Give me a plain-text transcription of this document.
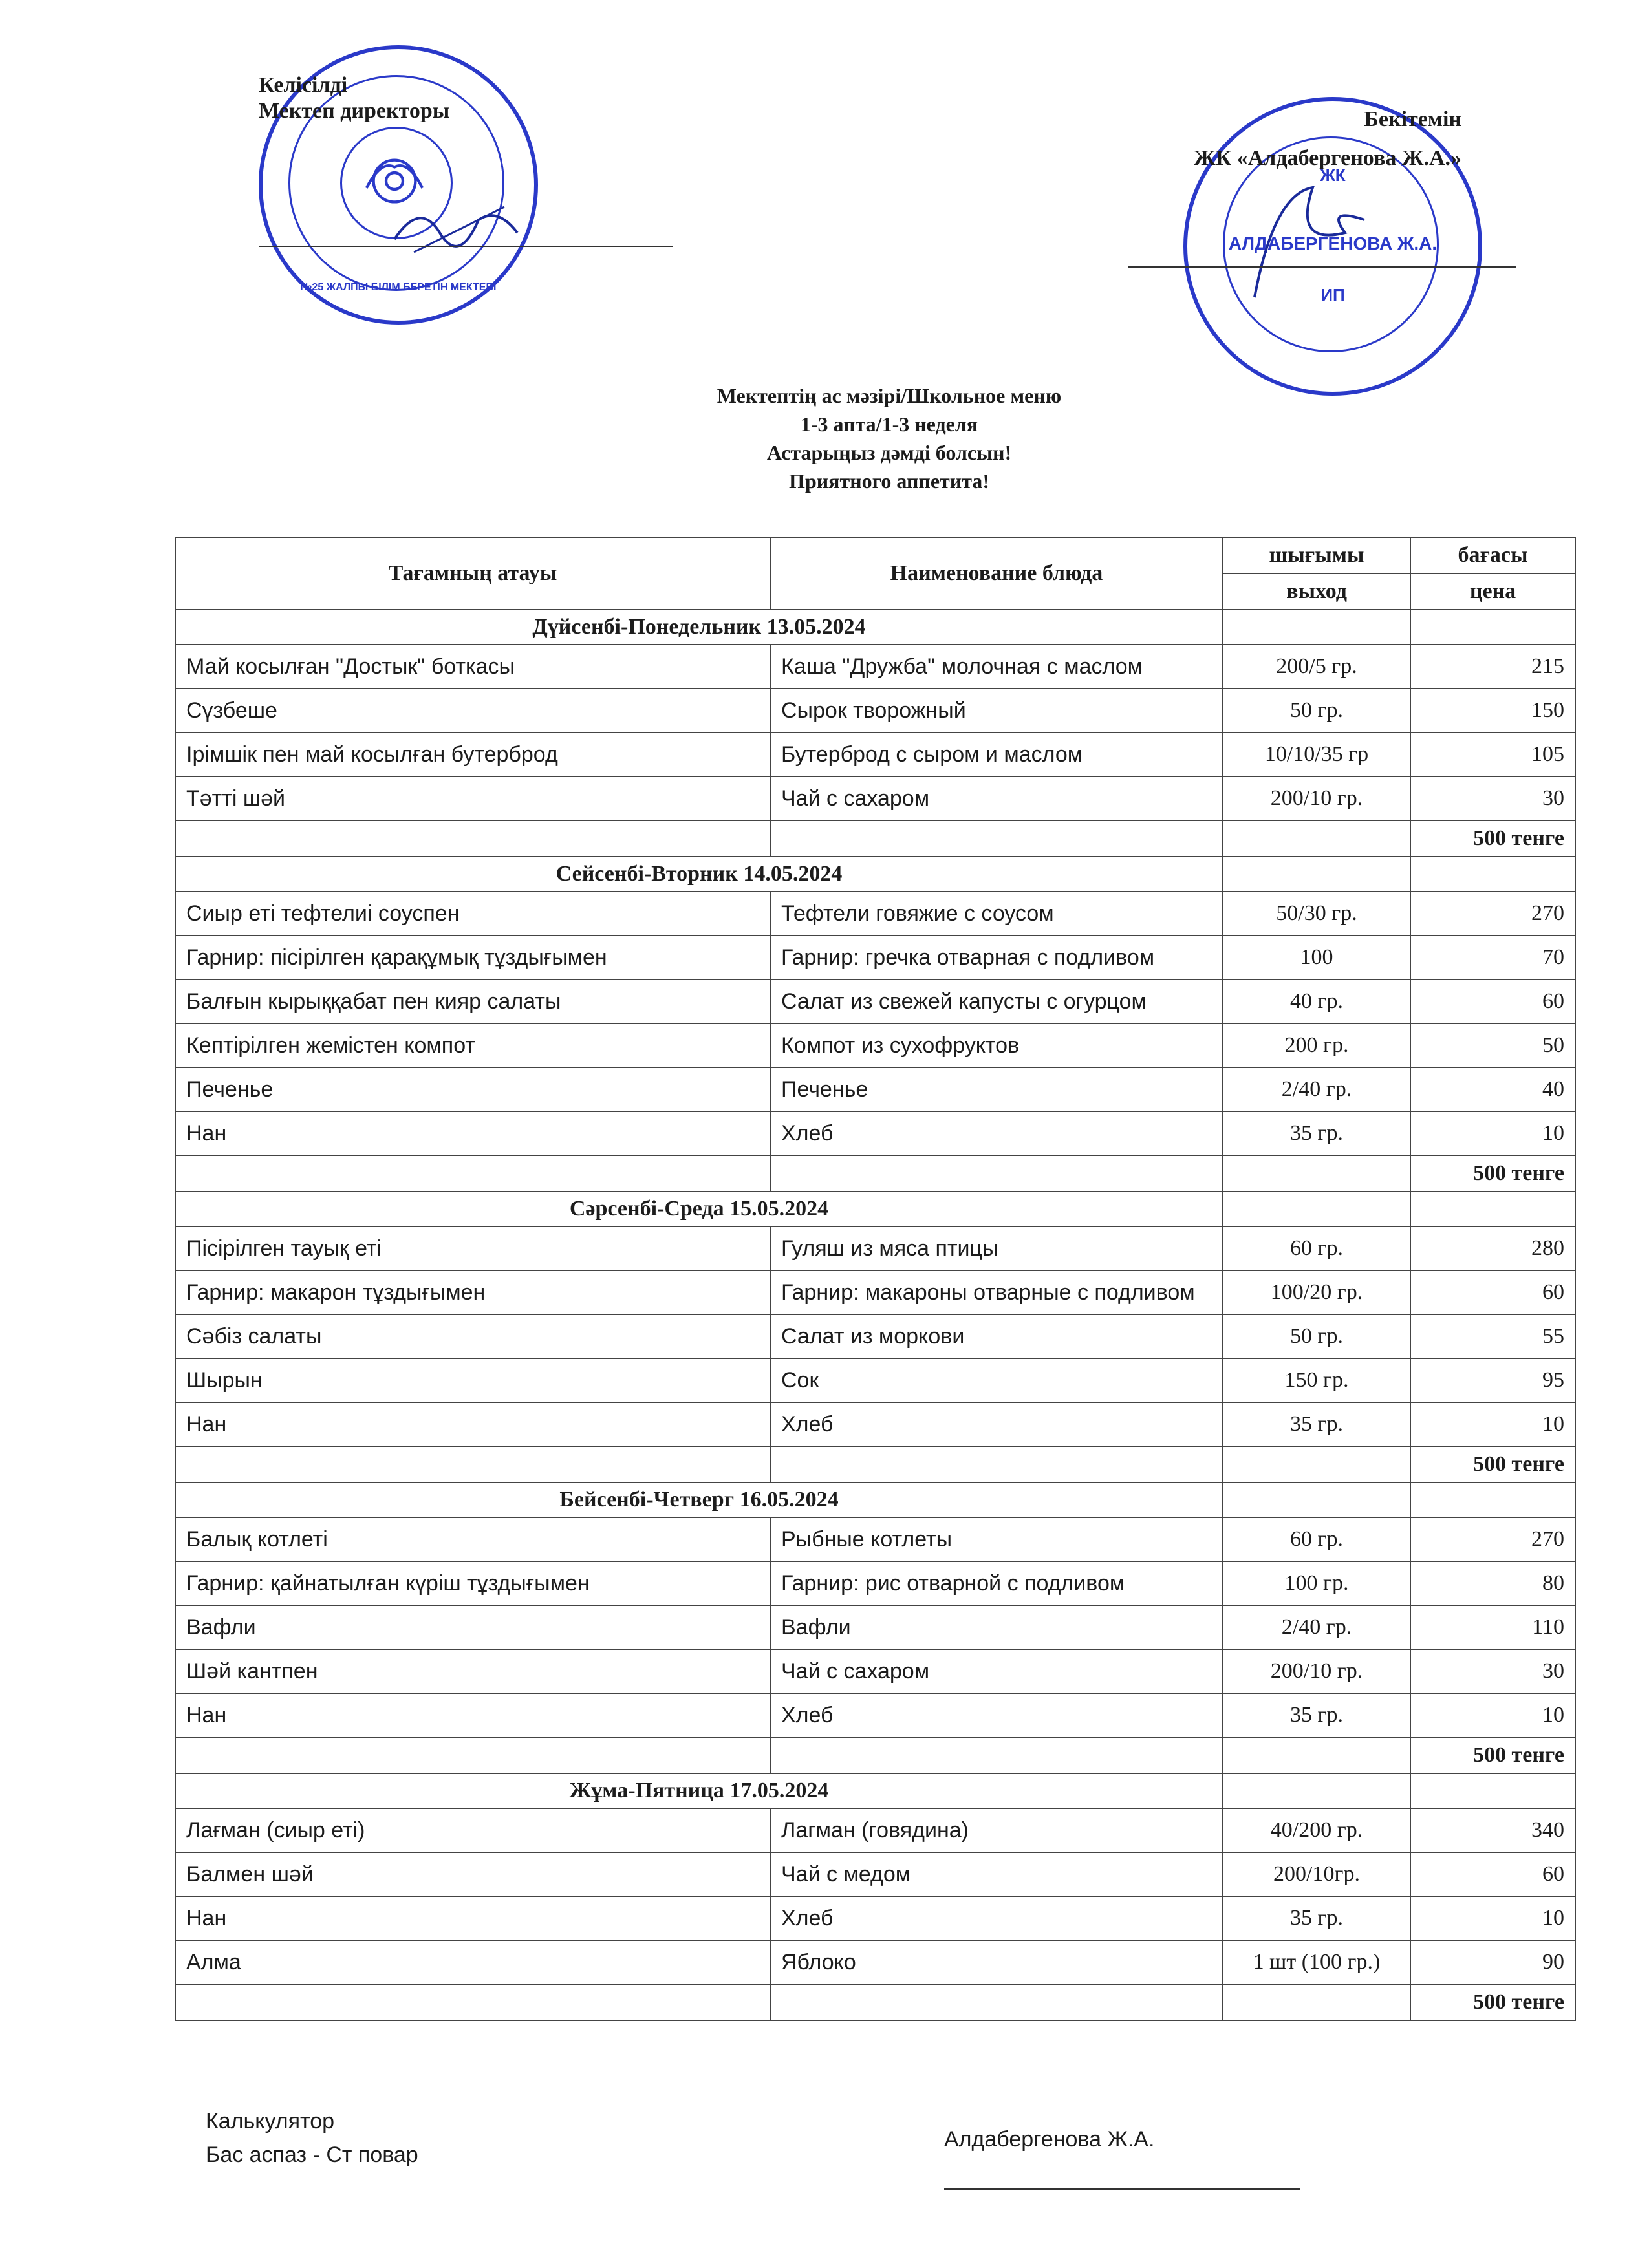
№25 ЖАЛПЫ БІЛІМ БЕРЕТІН МЕКТЕБІ
Келісілді
Мектеп директоры
ЖК
АЛДАБЕРГЕНОВА Ж.А.
ИП
Бекітемін
ЖК «Алдабергенова Ж.А.»
Мектептің ас мәзірі/Школьное меню
1-3 апта/1-3 неделя
Астарыңыз дәмді болсын!
Приятного аппетита!
Тағамның атауы	Наименование блюда	шығымы	бағасы
		выход	цена
Дүйсенбі-Понедельник 13.05.2024			
Май косылған "Достык" боткасы	Каша "Дружба" молочная с маслом	200/5 гр.	215
Сүзбеше	Сырок творожный	50 гр.	150
Ірімшік пен май косылған бутерброд	Бутерброд с сыром и маслом	10/10/35 гр	105
Тәтті шәй	Чай с сахаром	200/10 гр.	30
			500 тенге
Сейсенбі-Вторник 14.05.2024			
Сиыр еті тефтелиі соуспен	Тефтели говяжие с соусом	50/30 гр.	270
Гарнир: пісірілген қарақұмық тұздығымен	Гарнир: гречка отварная с подливом	100	70
Балғын кырыққабат пен кияр салаты	Салат из свежей капусты с огурцом	40 гр.	60
Кептірілген жемістен компот	Компот из сухофруктов	200 гр.	50
Печенье	Печенье	2/40 гр.	40
Нан	Хлеб	35 гр.	10
			500 тенге
Сәрсенбі-Среда 15.05.2024			
Пісірілген тауық еті	Гуляш из мяса птицы	60 гр.	280
Гарнир: макарон тұздығымен	Гарнир: макароны отварные с подливом	100/20 гр.	60
Сәбіз салаты	Салат из моркови	50 гр.	55
Шырын	Сок	150 гр.	95
Нан	Хлеб	35 гр.	10
			500 тенге
Бейсенбі-Четверг 16.05.2024			
Балық котлеті	Рыбные котлеты	60 гр.	270
Гарнир: қайнатылған күріш тұздығымен	Гарнир: рис отварной с подливом	100 гр.	80
Вафли	Вафли	2/40 гр.	110
Шәй кантпен	Чай с сахаром	200/10 гр.	30
Нан	Хлеб	35 гр.	10
			500 тенге
Жұма-Пятница 17.05.2024			
Лағман (сиыр еті)	Лагман (говядина)	40/200 гр.	340
Балмен шәй	Чай с медом	200/10гр.	60
Нан	Хлеб	35 гр.	10
Алма	Яблоко	1 шт (100 гр.)	90
			500 тенге
Калькулятор
Бас аспаз - Ст повар
Алдабергенова Ж.А.
